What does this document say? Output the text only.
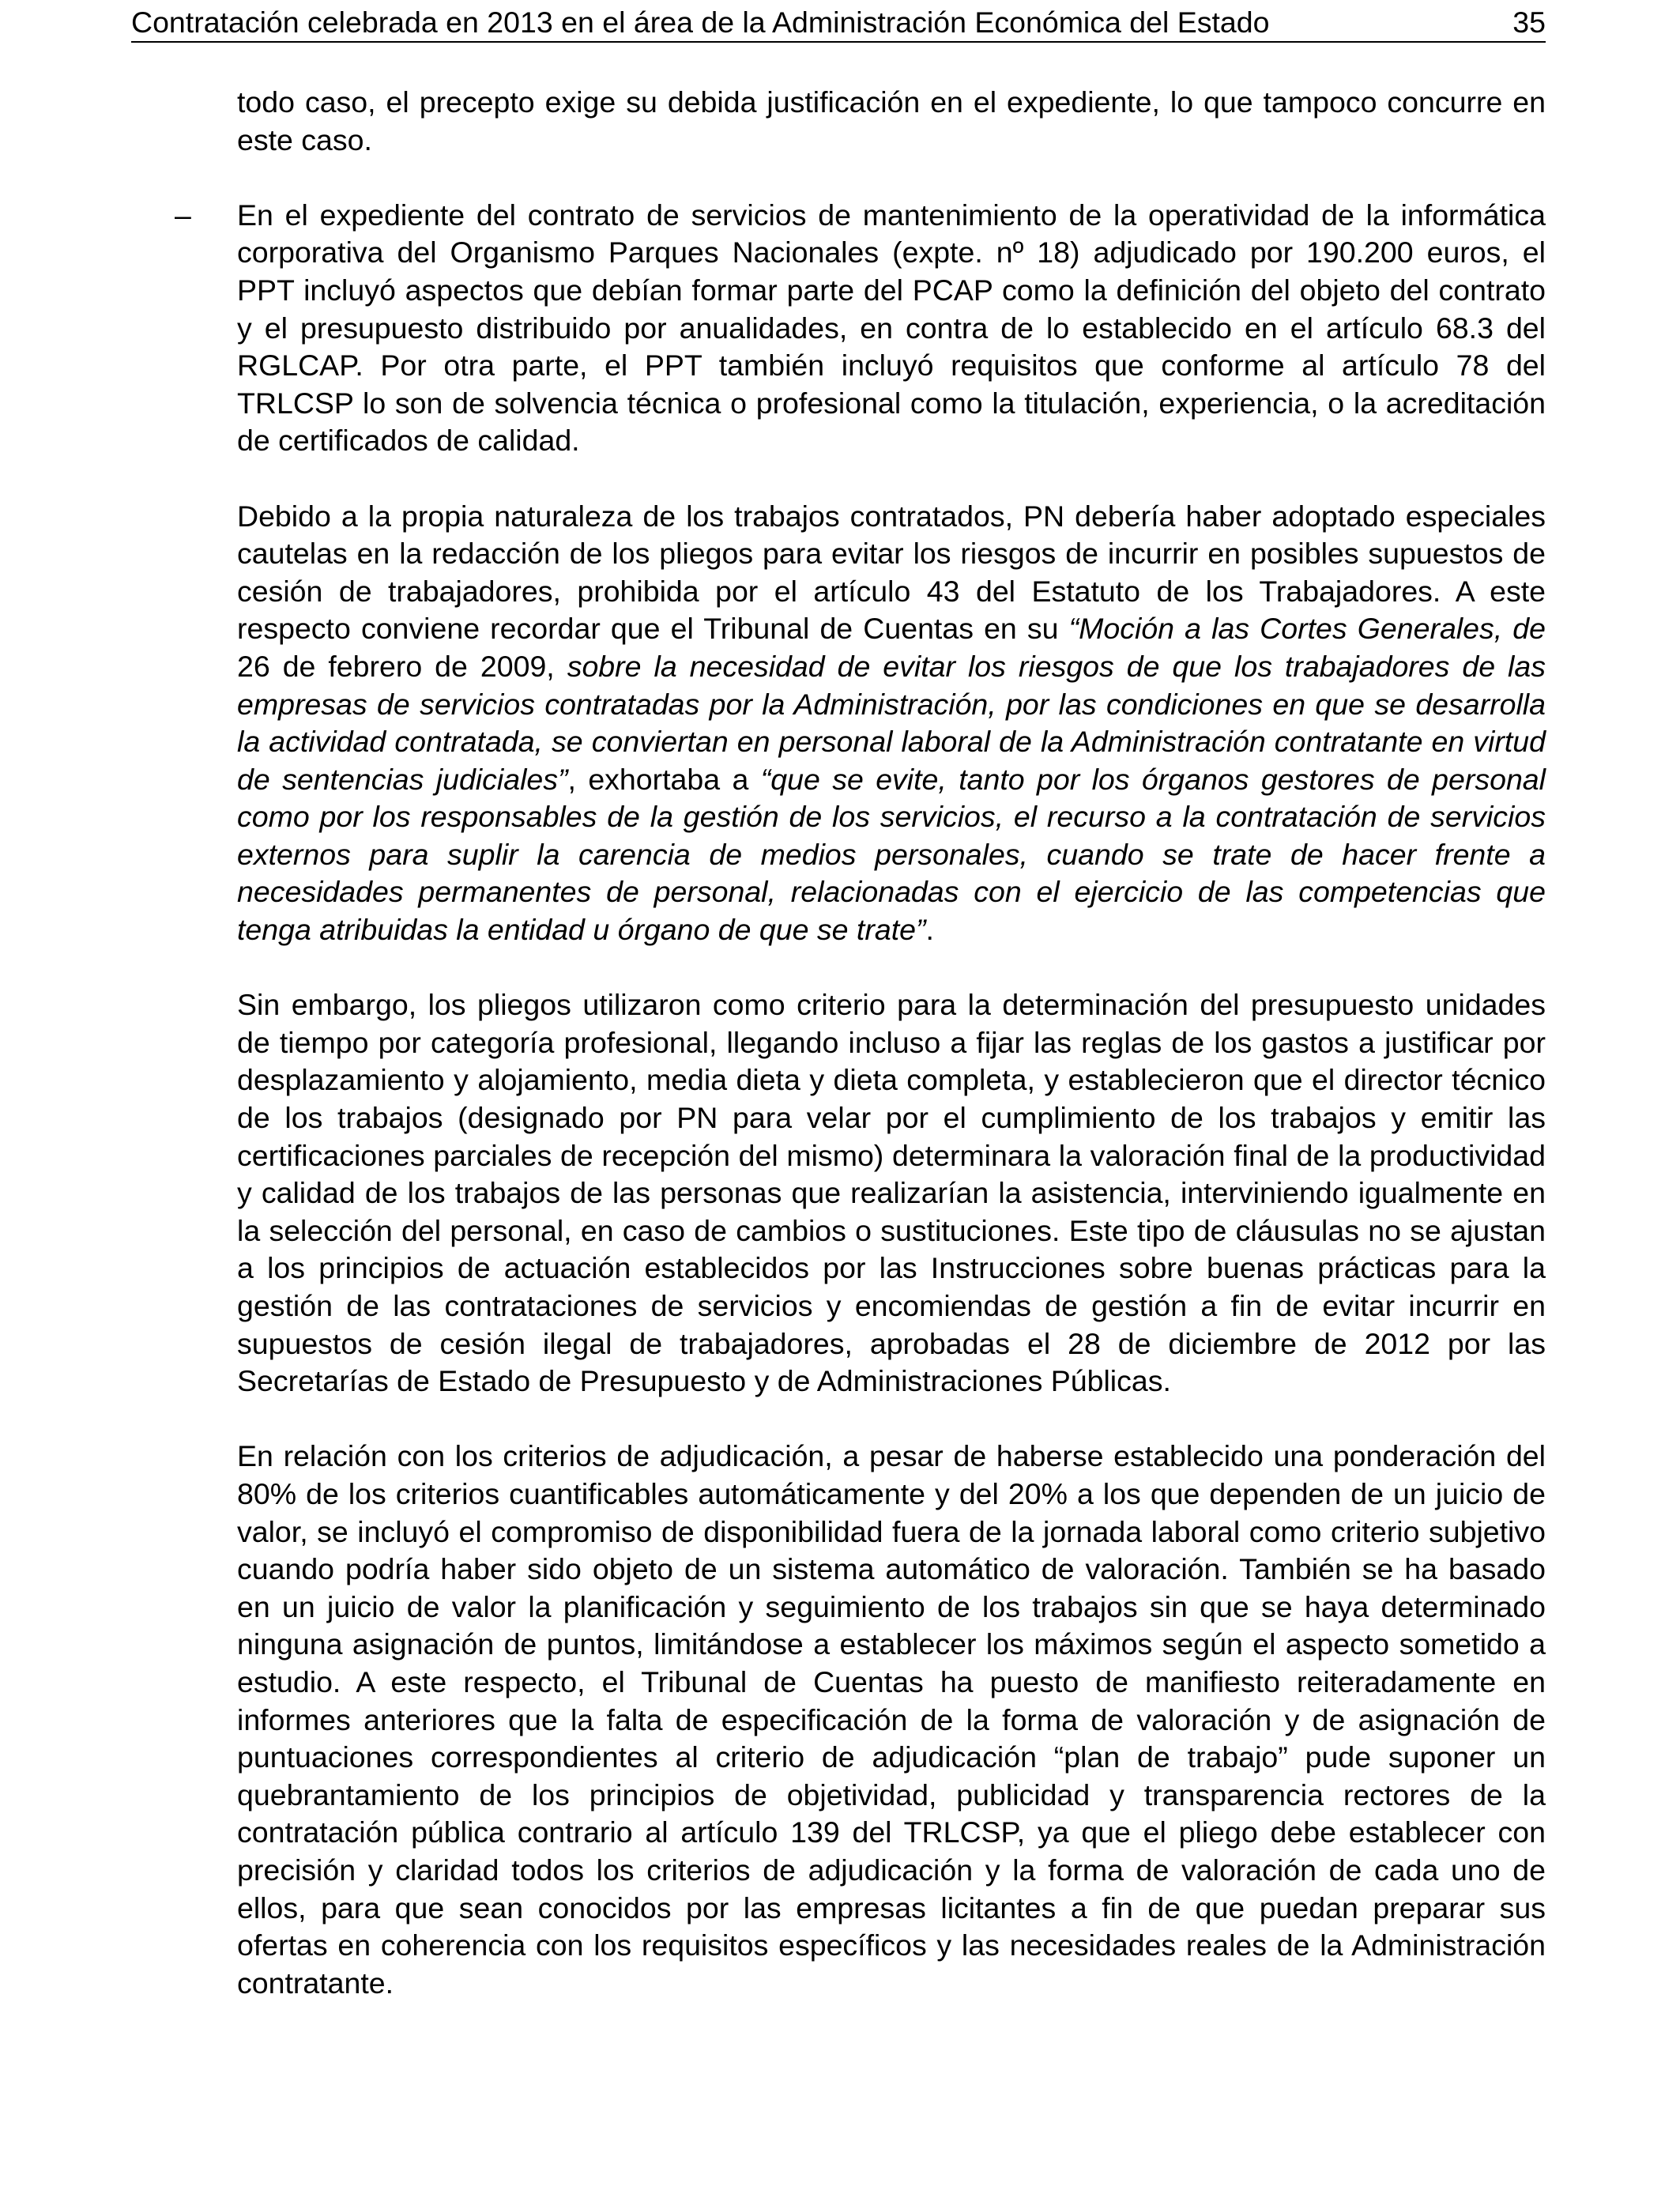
Contratación celebrada en 2013 en el área de la Administración Económica del Estado	35

todo caso, el precepto exige su debida justificación en el expediente, lo que tampoco concurre en este caso.

– En el expediente del contrato de servicios de mantenimiento de la operatividad de la informática corporativa del Organismo Parques Nacionales (expte. nº 18) adjudicado por 190.200 euros, el PPT incluyó aspectos que debían formar parte del PCAP como la definición del objeto del contrato y el presupuesto distribuido por anualidades, en contra de lo establecido en el artículo 68.3 del RGLCAP. Por otra parte, el PPT también incluyó requisitos que conforme al artículo 78 del TRLCSP lo son de solvencia técnica o profesional como la titulación, experiencia, o la acreditación de certificados de calidad.

Debido a la propia naturaleza de los trabajos contratados, PN debería haber adoptado especiales cautelas en la redacción de los pliegos para evitar los riesgos de incurrir en posibles supuestos de cesión de trabajadores, prohibida por el artículo 43 del Estatuto de los Trabajadores. A este respecto conviene recordar que el Tribunal de Cuentas en su “Moción a las Cortes Generales, de 26 de febrero de 2009, sobre la necesidad de evitar los riesgos de que los trabajadores de las empresas de servicios contratadas por la Administración, por las condiciones en que se desarrolla la actividad contratada, se conviertan en personal laboral de la Administración contratante en virtud de sentencias judiciales”, exhortaba a “que se evite, tanto por los órganos gestores de personal como por los responsables de la gestión de los servicios, el recurso a la contratación de servicios externos para suplir la carencia de medios personales, cuando se trate de hacer frente a necesidades permanentes de personal, relacionadas con el ejercicio de las competencias que tenga atribuidas la entidad u órgano de que se trate”.

Sin embargo, los pliegos utilizaron como criterio para la determinación del presupuesto unidades de tiempo por categoría profesional, llegando incluso a fijar las reglas de los gastos a justificar por desplazamiento y alojamiento, media dieta y dieta completa, y establecieron que el director técnico de los trabajos (designado por PN para velar por el cumplimiento de los trabajos y emitir las certificaciones parciales de recepción del mismo) determinara la valoración final de la productividad y calidad de los trabajos de las personas que realizarían la asistencia, interviniendo igualmente en la selección del personal, en caso de cambios o sustituciones. Este tipo de cláusulas no se ajustan a los principios de actuación establecidos por las Instrucciones sobre buenas prácticas para la gestión de las contrataciones de servicios y encomiendas de gestión a fin de evitar incurrir en supuestos de cesión ilegal de trabajadores, aprobadas el 28 de diciembre de 2012 por las Secretarías de Estado de Presupuesto y de Administraciones Públicas.

En relación con los criterios de adjudicación, a pesar de haberse establecido una ponderación del 80% de los criterios cuantificables automáticamente y del 20% a los que dependen de un juicio de valor, se incluyó el compromiso de disponibilidad fuera de la jornada laboral como criterio subjetivo cuando podría haber sido objeto de un sistema automático de valoración. También se ha basado en un juicio de valor la planificación y seguimiento de los trabajos sin que se haya determinado ninguna asignación de puntos, limitándose a establecer los máximos según el aspecto sometido a estudio. A este respecto, el Tribunal de Cuentas ha puesto de manifiesto reiteradamente en informes anteriores que la falta de especificación de la forma de valoración y de asignación de puntuaciones correspondientes al criterio de adjudicación “plan de trabajo” pude suponer un quebrantamiento de los principios de objetividad, publicidad y transparencia rectores de la contratación pública contrario al artículo 139 del TRLCSP, ya que el pliego debe establecer con precisión y claridad todos los criterios de adjudicación y la forma de valoración de cada uno de ellos, para que sean conocidos por las empresas licitantes a fin de que puedan preparar sus ofertas en coherencia con los requisitos específicos y las necesidades reales de la Administración contratante.
